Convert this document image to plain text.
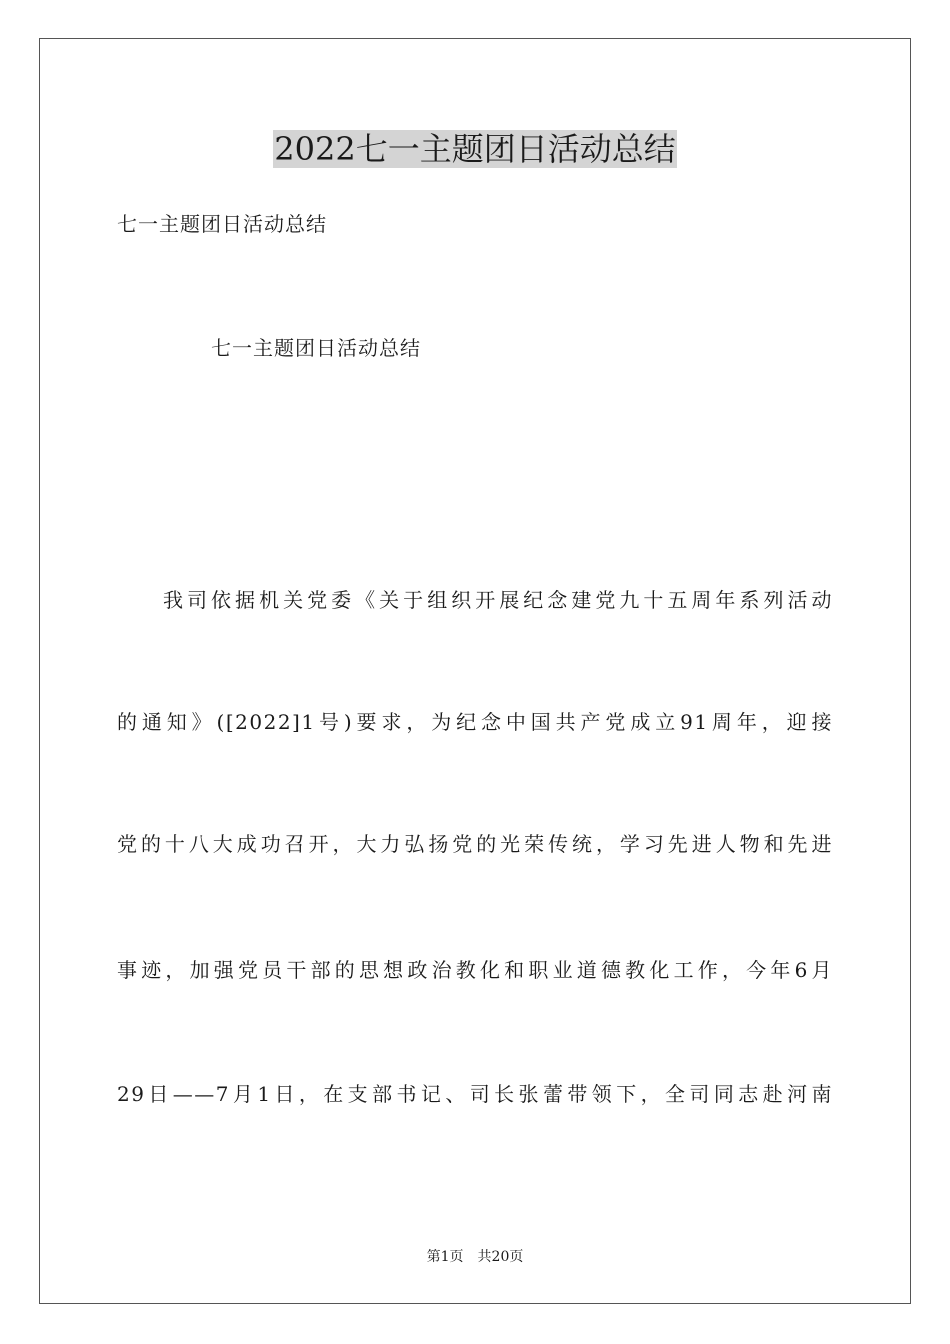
2022七一主题团日活动总结

七一主题团日活动总结

七一主题团日活动总结

我司依据机关党委《关于组织开展纪念建党九十五周年系列活动

的通知》([2022]1号)要求，为纪念中国共产党成立91周年，迎接

党的十八大成功召开，大力弘扬党的光荣传统，学习先进人物和先进

事迹，加强党员干部的思想政治教化和职业道德教化工作，今年6月

29日——7月1日，在支部书记、司长张蕾带领下，全司同志赴河南

第1页 共20页
